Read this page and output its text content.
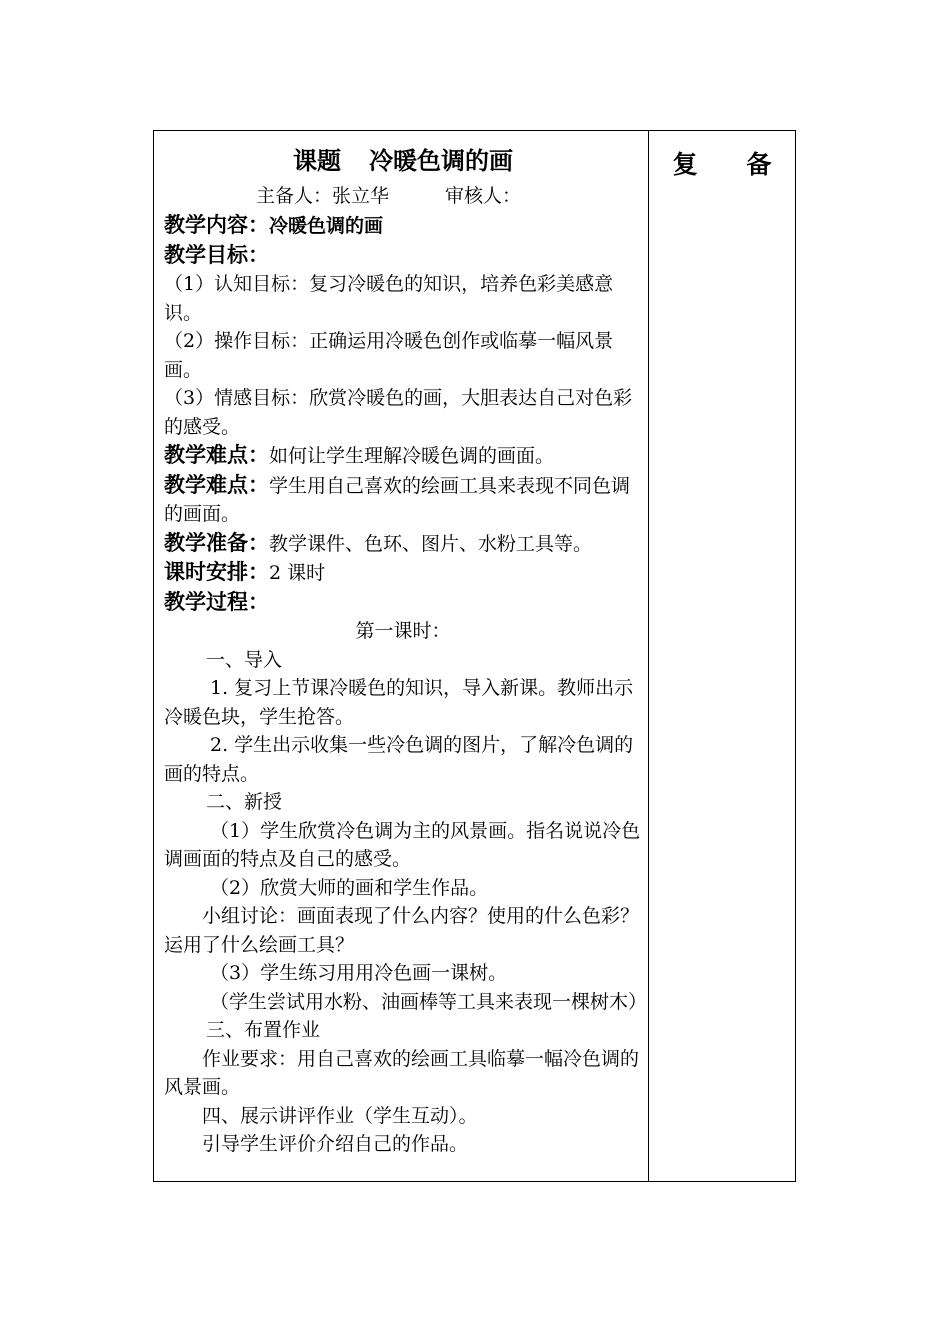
课题 冷暖色调的画
主备人：张立华	审核人：
教学内容：冷暖色调的画
教学目标：
（1）认知目标：复习冷暖色的知识，培养色彩美感意识。
（2）操作目标：正确运用冷暖色创作或临摹一幅风景画。
（3）情感目标：欣赏冷暖色的画，大胆表达自己对色彩的感受。
教学难点：如何让学生理解冷暖色调的画面。
教学难点：学生用自己喜欢的绘画工具来表现不同色调的画面。
教学准备：教学课件、色环、图片、水粉工具等。
课时安排：2 课时
教学过程：
第一课时：
一、导入
1. 复习上节课冷暖色的知识，导入新课。教师出示冷暖色块，学生抢答。
2. 学生出示收集一些冷色调的图片，了解冷色调的画的特点。
二、新授
（1）学生欣赏冷色调为主的风景画。指名说说冷色调画面的特点及自己的感受。
（2）欣赏大师的画和学生作品。
小组讨论：画面表现了什么内容？使用的什么色彩？运用了什么绘画工具？
（3）学生练习用用冷色画一课树。
（学生尝试用水粉、油画棒等工具来表现一棵树木）
三、布置作业
作业要求：用自己喜欢的绘画工具临摹一幅冷色调的风景画。
四、展示讲评作业（学生互动）。
引导学生评价介绍自己的作品。
复 备
